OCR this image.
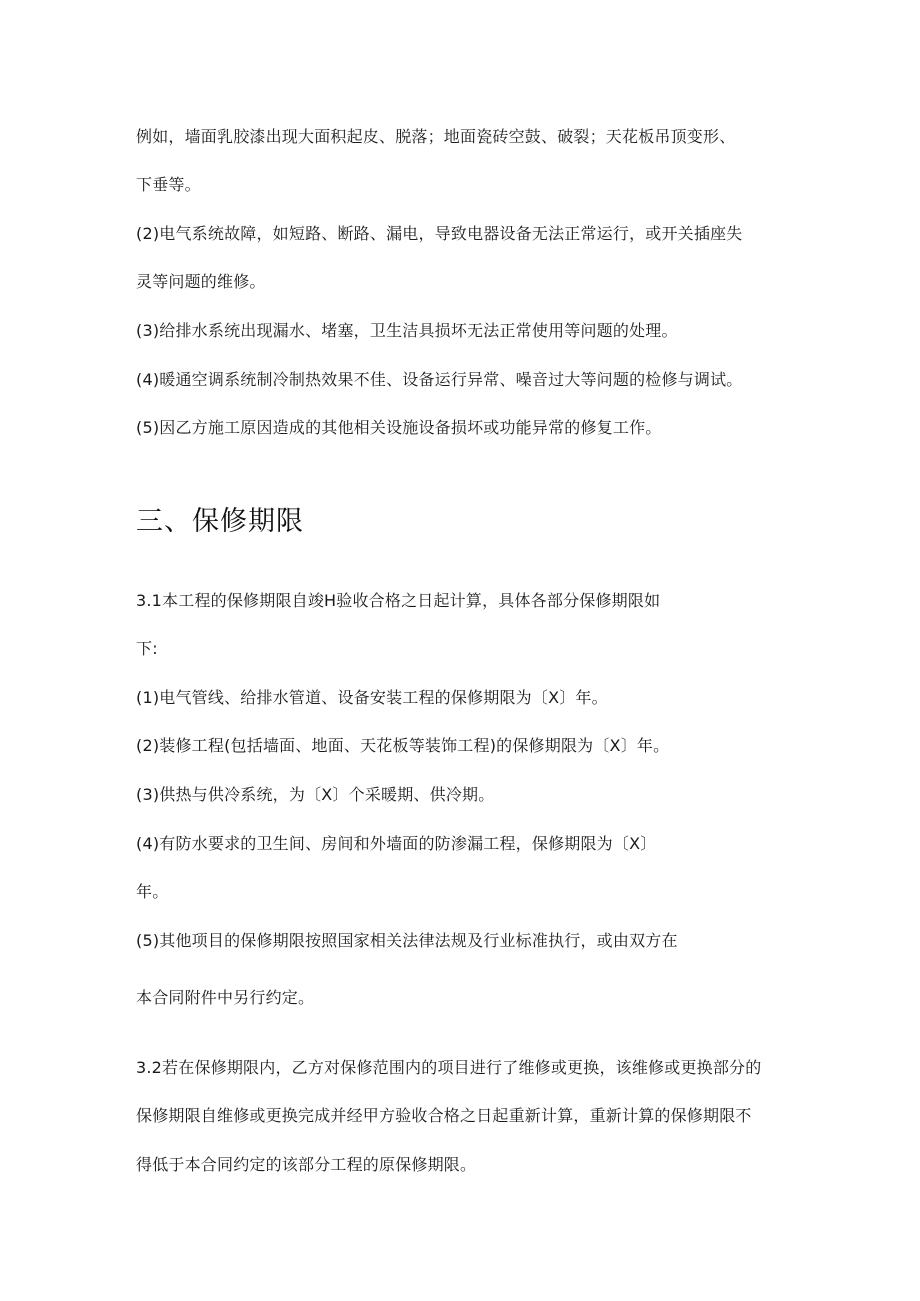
例如，墙面乳胶漆出现大面积起皮、脱落；地面瓷砖空鼓、破裂；天花板吊顶变形、
下垂等。
(2)电气系统故障，如短路、断路、漏电，导致电器设备无法正常运行，或开关插座失
灵等问题的维修。
(3)给排水系统出现漏水、堵塞，卫生洁具损坏无法正常使用等问题的处理。
(4)暖通空调系统制冷制热效果不佳、设备运行异常、噪音过大等问题的检修与调试。
(5)因乙方施工原因造成的其他相关设施设备损坏或功能异常的修复工作。
三、保修期限
3.1本工程的保修期限自竣H验收合格之日起计算，具体各部分保修期限如
下:
(1)电气管线、给排水管道、设备安装工程的保修期限为〔X〕年。
(2)装修工程(包括墙面、地面、天花板等装饰工程)的保修期限为〔X〕年。
(3)供热与供冷系统，为〔X〕个采暖期、供冷期。
(4)有防水要求的卫生间、房间和外墙面的防渗漏工程，保修期限为〔X〕
年。
(5)其他项目的保修期限按照国家相关法律法规及行业标准执行，或由双方在
本合同附件中另行约定。
3.2若在保修期限内，乙方对保修范围内的项目进行了维修或更换，该维修或更换部分的
保修期限自维修或更换完成并经甲方验收合格之日起重新计算，重新计算的保修期限不
得低于本合同约定的该部分工程的原保修期限。
